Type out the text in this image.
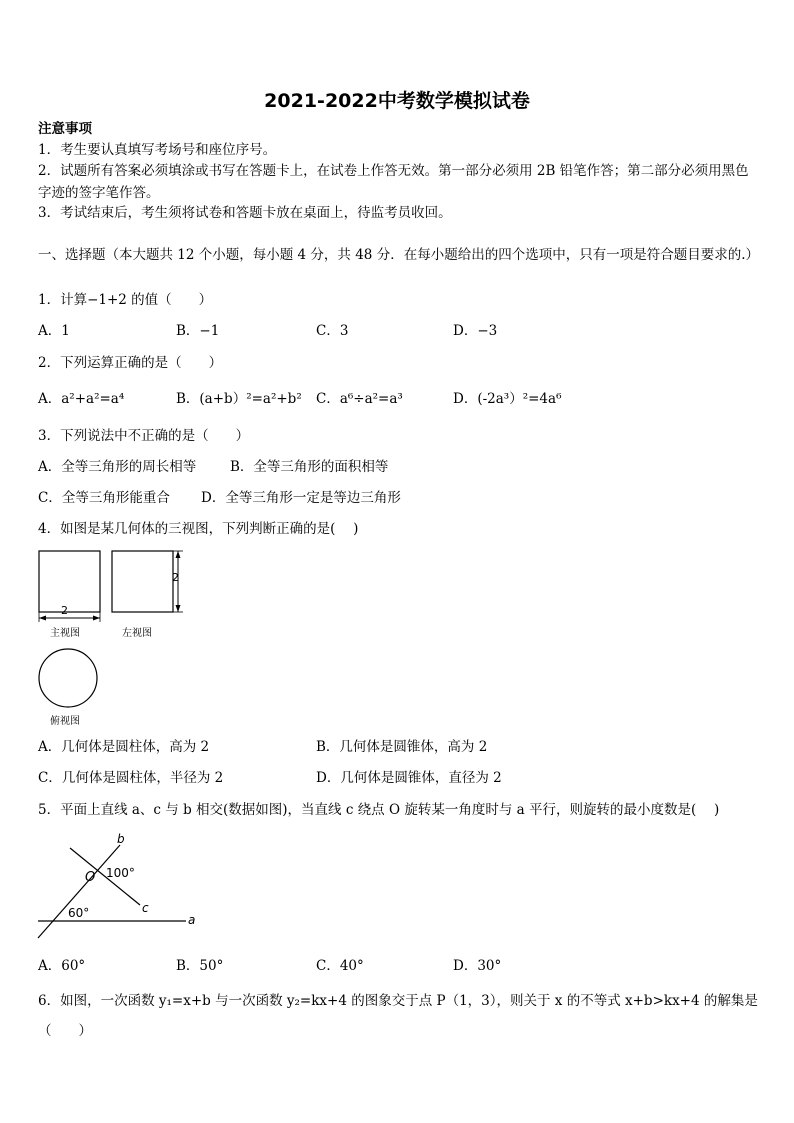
2021-2022中考数学模拟试卷
注意事项
1．考生要认真填写考场号和座位序号。
2．试题所有答案必须填涂或书写在答题卡上，在试卷上作答无效。第一部分必须用 2B 铅笔作答；第二部分必须用黑色字迹的签字笔作答。
3．考试结束后，考生须将试卷和答题卡放在桌面上，待监考员收回。
一、选择题（本大题共 12 个小题，每小题 4 分，共 48 分．在每小题给出的四个选项中，只有一项是符合题目要求的.）
1．计算−1+2 的值（　　）
A．1	B．−1	C．3	D．−3
2．下列运算正确的是（　　）
A．a²+a²=a⁴	B．(a+b）²=a²+b² C．a⁶÷a²=a³	D．(-2a³）²=4a⁶
3．下列说法中不正确的是（　　）
A．全等三角形的周长相等	B．全等三角形的面积相等
C．全等三角形能重合 D．全等三角形一定是等边三角形
4．如图是某几何体的三视图，下列判断正确的是(　 )
2
2
主视图	左视图
俯视图
A．几何体是圆柱体，高为 2	B．几何体是圆锥体，高为 2
C．几何体是圆柱体，半径为 2	D．几何体是圆锥体，直径为 2
5．平面上直线 a、c 与 b 相交(数据如图)，当直线 c 绕点 O 旋转某一角度时与 a 平行，则旋转的最小度数是(　 )
b
O 100°
c
60°	a
A．60°	B．50°	C．40°	D．30°
6．如图，一次函数 y₁=x+b 与一次函数 y₂=kx+4 的图象交于点 P（1，3），则关于 x 的不等式 x+b>kx+4 的解集是（　　）
